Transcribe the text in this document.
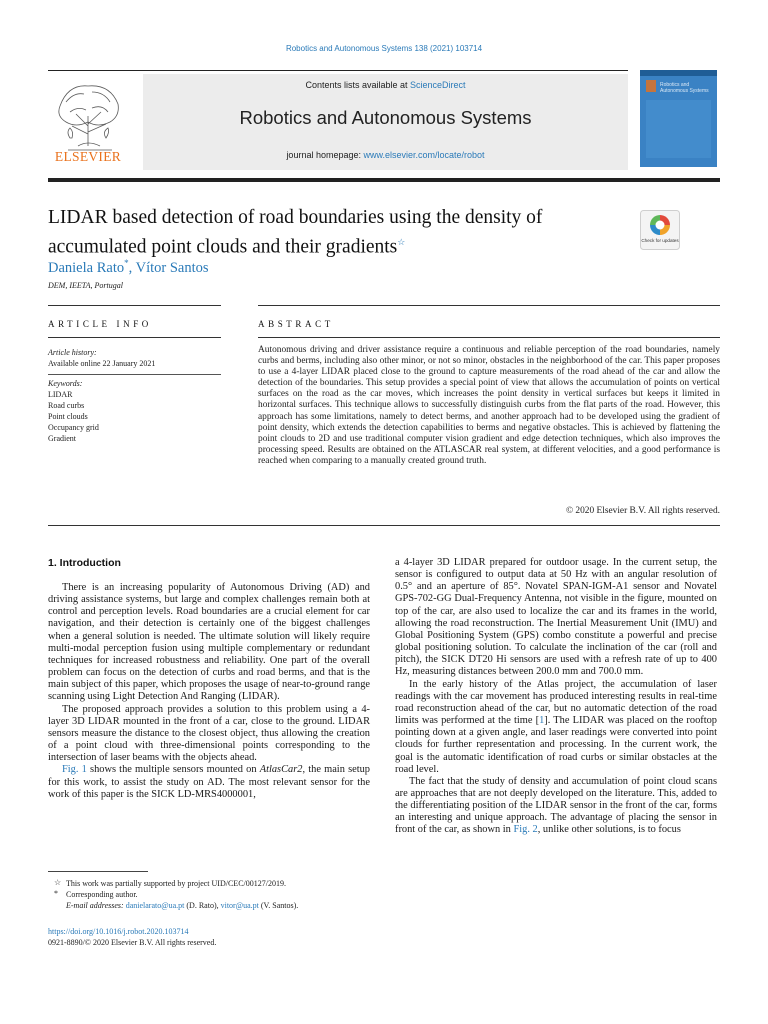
Robotics and Autonomous Systems 138 (2021) 103714
Contents lists available at ScienceDirect
Robotics and Autonomous Systems
journal homepage: www.elsevier.com/locate/robot
ELSEVIER
Robotics and
Autonomous Systems
LIDAR based detection of road boundaries using the density of
accumulated point clouds and their gradients☆	Check for updates
Daniela Rato*, Vítor Santos
DEM, IEETA, Portugal
ARTICLE INFO	ABSTRACT
Article history:
Available online 22 January 2021
Keywords:
LIDAR
Road curbs
Point clouds
Occupancy grid
Gradient
Autonomous driving and driver assistance require a continuous and reliable perception of the road boundaries, namely curbs and berms, including also other minor, or not so minor, obstacles in the neighborhood of the car. This paper proposes to use a 4-layer LIDAR placed close to the ground to capture measurements of the road ahead of the car and allow the detection of the boundaries. This setup provides a special point of view that allows the accumulation of points on vertical surfaces on the road as the car moves, which increases the point density in vertical surfaces but keeps it limited in horizontal surfaces. This technique allows to successfully distinguish curbs from the flat parts of the road. However, this approach has some limitations, namely to detect berms, and another approach had to be developed using the gradient of point density, which extends the detection capabilities to berms and negative obstacles. This is achieved by flattening the point clouds to 2D and use traditional computer vision gradient and edge detection techniques, which also improves the processing speed. Results are obtained on the ATLASCAR real system, at different velocities, and a good performance is reached when comparing to a manually created ground truth.
© 2020 Elsevier B.V. All rights reserved.
1. Introduction

There is an increasing popularity of Autonomous Driving (AD) and driving assistance systems, but large and complex challenges remain both at control and perception levels. Road boundaries are a crucial element for car navigation, and their detection is certainly one of the biggest challenges when a general solution is needed. The ultimate solution will likely require multi-modal perception fusion using multiple complementary or redundant techniques for increased robustness and reliability. One part of the overall problem can focus on the detection of curbs and road berms, and that is the main subject of this paper, which proposes the usage of near-to-ground range scanning using Light Detection And Ranging (LIDAR).

The proposed approach provides a solution to this problem using a 4-layer 3D LIDAR mounted in the front of a car, close to the ground. LIDAR sensors measure the distance to the closest object, thus allowing the creation of a point cloud with three-dimensional points corresponding to the intersection of laser beams with the objects ahead.

Fig. 1 shows the multiple sensors mounted on AtlasCar2, the main setup for this work, to assist the study on AD. The most relevant sensor for the work of this paper is the SICK LD-MRS4000001,

a 4-layer 3D LIDAR prepared for outdoor usage. In the current setup, the sensor is configured to output data at 50 Hz with an angular resolution of 0.5° and an aperture of 85°. Novatel SPAN-IGM-A1 sensor and Novatel GPS-702-GG Dual-Frequency Antenna, not visible in the figure, mounted on top of the car, are also used to localize the car and its frames in the world, allowing the road reconstruction. The Inertial Measurement Unit (IMU) and Global Positioning System (GPS) combo constitute a powerful and precise global positioning solution. To calculate the inclination of the car (roll and pitch), the SICK DT20 Hi sensors are used with a refresh rate of up to 400 Hz, measuring distances between 200.0 mm and 700.0 mm.

In the early history of the Atlas project, the accumulation of laser readings with the car movement has produced interesting results in real-time road reconstruction ahead of the car, but no automatic detection of the road limits was performed at the time [1]. The LIDAR was placed on the rooftop pointing down at a given angle, and laser readings were converted into point clouds for further representation and processing. In the current work, the goal is the automatic identification of road curbs or similar obstacles at the road level.

The fact that the study of density and accumulation of point cloud scans are approaches that are not deeply developed on the literature. This, added to the differentiating position of the LIDAR sensor in the front of the car, forms an interesting and unique approach. The advantage of placing the sensor in front of the car, as shown in Fig. 2, unlike other solutions, is to focus

☆ This work was partially supported by project UID/CEC/00127/2019.
* Corresponding author.
E-mail addresses: danielarato@ua.pt (D. Rato), vitor@ua.pt (V. Santos).
https://doi.org/10.1016/j.robot.2020.103714
0921-8890/© 2020 Elsevier B.V. All rights reserved.
